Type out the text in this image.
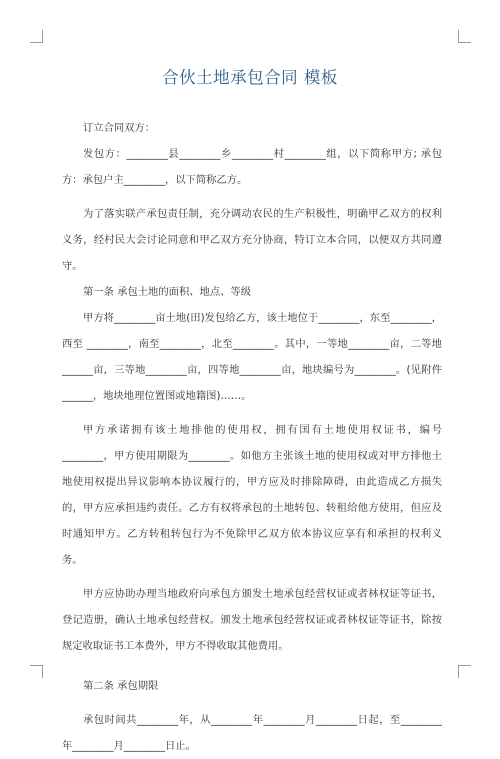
合伙土地承包合同 模板

订立合同双方：

发包方：________县________乡________村________组，以下简称甲方; 承包方：承包户主________，以下简称乙方。

为了落实联产承包责任制，充分调动农民的生产积极性，明确甲乙双方的权利义务，经村民大会讨论同意和甲乙双方充分协商，特订立本合同，以便双方共同遵守。

第一条 承包土地的面积、地点、等级

甲方将________亩土地(田)发包给乙方，该土地位于________，东至________，西至 ________，南至________，北至________。其中，一等地________亩，二等地______亩，三等地________亩，四等地________亩，地块编号为________。(见附件______，地块地理位置图或地籍图)……。

甲方承诺拥有该土地排他的使用权，拥有国有土地使用权证书，编号________，甲方使用期限为________。如他方主张该土地的使用权或对甲方排他土地使用权提出异议影响本协议履行的，甲方应及时排除障碍，由此造成乙方损失的，甲方应承担违约责任。乙方有权将承包的土地转包、转租给他方使用，但应及时通知甲方。乙方转租转包行为不免除甲乙双方依本协议应享有和承担的权利义务。

甲方应协助办理当地政府向承包方颁发土地承包经营权证或者林权证等证书，登记造册，确认土地承包经营权。颁发土地承包经营权证或者林权证等证书，除按规定收取证书工本费外，甲方不得收取其他费用。

第二条 承包期限

承包时间共________年，从________年________月________日起，至________年________月________日止。
